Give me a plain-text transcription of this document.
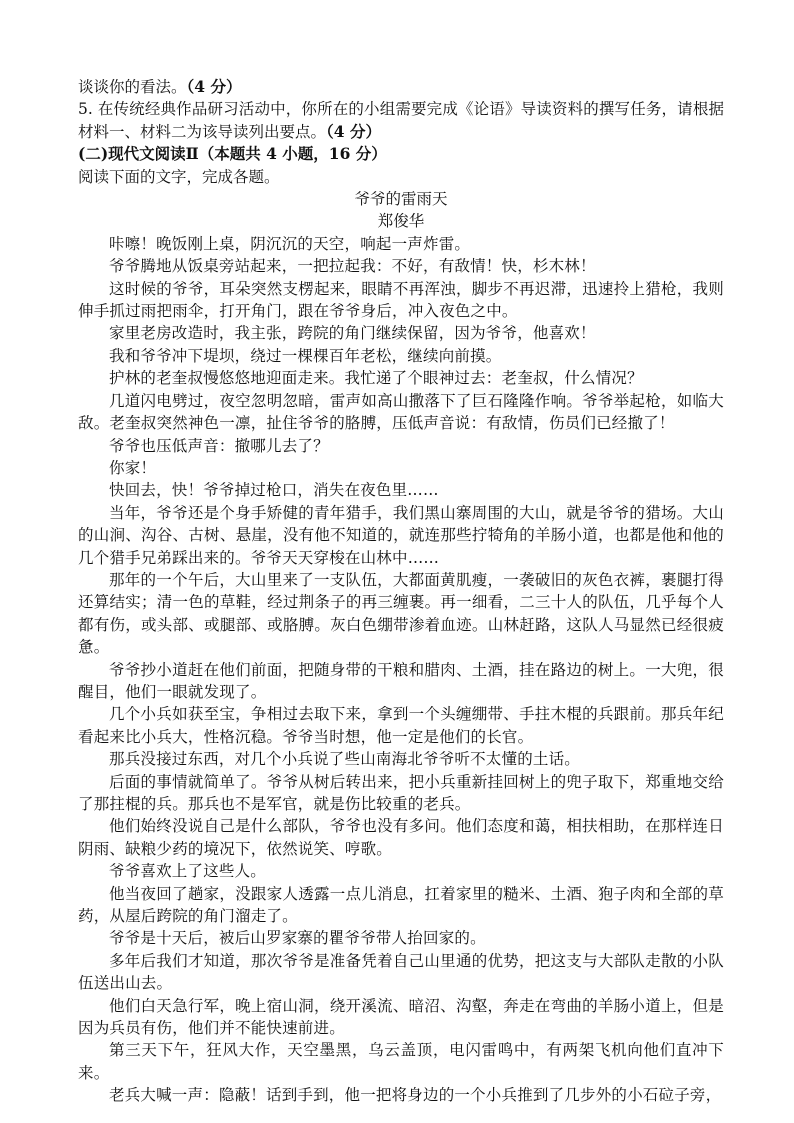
谈谈你的看法。（4 分）

5. 在传统经典作品研习活动中，你所在的小组需要完成《论语》导读资料的撰写任务，请根据材料一、材料二为该导读列出要点。（4 分）

(二)现代文阅读Ⅱ（本题共 4 小题，16 分）

阅读下面的文字，完成各题。

爷爷的雷雨天

郑俊华

咔嚓！晚饭刚上桌，阴沉沉的天空，响起一声炸雷。

爷爷腾地从饭桌旁站起来，一把拉起我：不好，有敌情！快，杉木林！

这时候的爷爷，耳朵突然支楞起来，眼睛不再浑浊，脚步不再迟滞，迅速拎上猎枪，我则伸手抓过雨把雨伞，打开角门，跟在爷爷身后，冲入夜色之中。

家里老房改造时，我主张，跨院的角门继续保留，因为爷爷，他喜欢！

我和爷爷冲下堤坝，绕过一棵棵百年老松，继续向前摸。

护林的老奎叔慢悠悠地迎面走来。我忙递了个眼神过去：老奎叔，什么情况？

几道闪电劈过，夜空忽明忽暗，雷声如高山撒落下了巨石隆隆作响。爷爷举起枪，如临大敌。老奎叔突然神色一凛，扯住爷爷的胳膊，压低声音说：有敌情，伤员们已经撤了！

爷爷也压低声音：撤哪儿去了？

你家！

快回去，快！爷爷掉过枪口，消失在夜色里……

当年，爷爷还是个身手矫健的青年猎手，我们黑山寨周围的大山，就是爷爷的猎场。大山的山涧、沟谷、古树、悬崖，没有他不知道的，就连那些拧犄角的羊肠小道，也都是他和他的几个猎手兄弟踩出来的。爷爷天天穿梭在山林中……

那年的一个午后，大山里来了一支队伍，大都面黄肌瘦，一袭破旧的灰色衣裤，裹腿打得还算结实；清一色的草鞋，经过荆条子的再三缠裹。再一细看，二三十人的队伍，几乎每个人都有伤，或头部、或腿部、或胳膊。灰白色绷带渗着血迹。山林赶路，这队人马显然已经很疲惫。

爷爷抄小道赶在他们前面，把随身带的干粮和腊肉、土酒，挂在路边的树上。一大兜，很醒目，他们一眼就发现了。

几个小兵如获至宝，争相过去取下来，拿到一个头缠绷带、手拄木棍的兵跟前。那兵年纪看起来比小兵大，性格沉稳。爷爷当时想，他一定是他们的长官。

那兵没接过东西，对几个小兵说了些山南海北爷爷听不太懂的土话。

后面的事情就简单了。爷爷从树后转出来，把小兵重新挂回树上的兜子取下，郑重地交给了那拄棍的兵。那兵也不是军官，就是伤比较重的老兵。

他们始终没说自己是什么部队，爷爷也没有多问。他们态度和蔼，相扶相助，在那样连日阴雨、缺粮少药的境况下，依然说笑、哼歌。

爷爷喜欢上了这些人。

他当夜回了趟家，没跟家人透露一点儿消息，扛着家里的糙米、土酒、狍子肉和全部的草药，从屋后跨院的角门溜走了。

爷爷是十天后，被后山罗家寨的瞿爷爷带人抬回家的。

多年后我们才知道，那次爷爷是准备凭着自己山里通的优势，把这支与大部队走散的小队伍送出山去。

他们白天急行军，晚上宿山洞，绕开溪流、暗沼、沟壑，奔走在弯曲的羊肠小道上，但是因为兵员有伤，他们并不能快速前进。

第三天下午，狂风大作，天空墨黑，乌云盖顶，电闪雷鸣中，有两架飞机向他们直冲下来。

老兵大喊一声：隐蔽！话到手到，他一把将身边的一个小兵推到了几步外的小石砬子旁，
